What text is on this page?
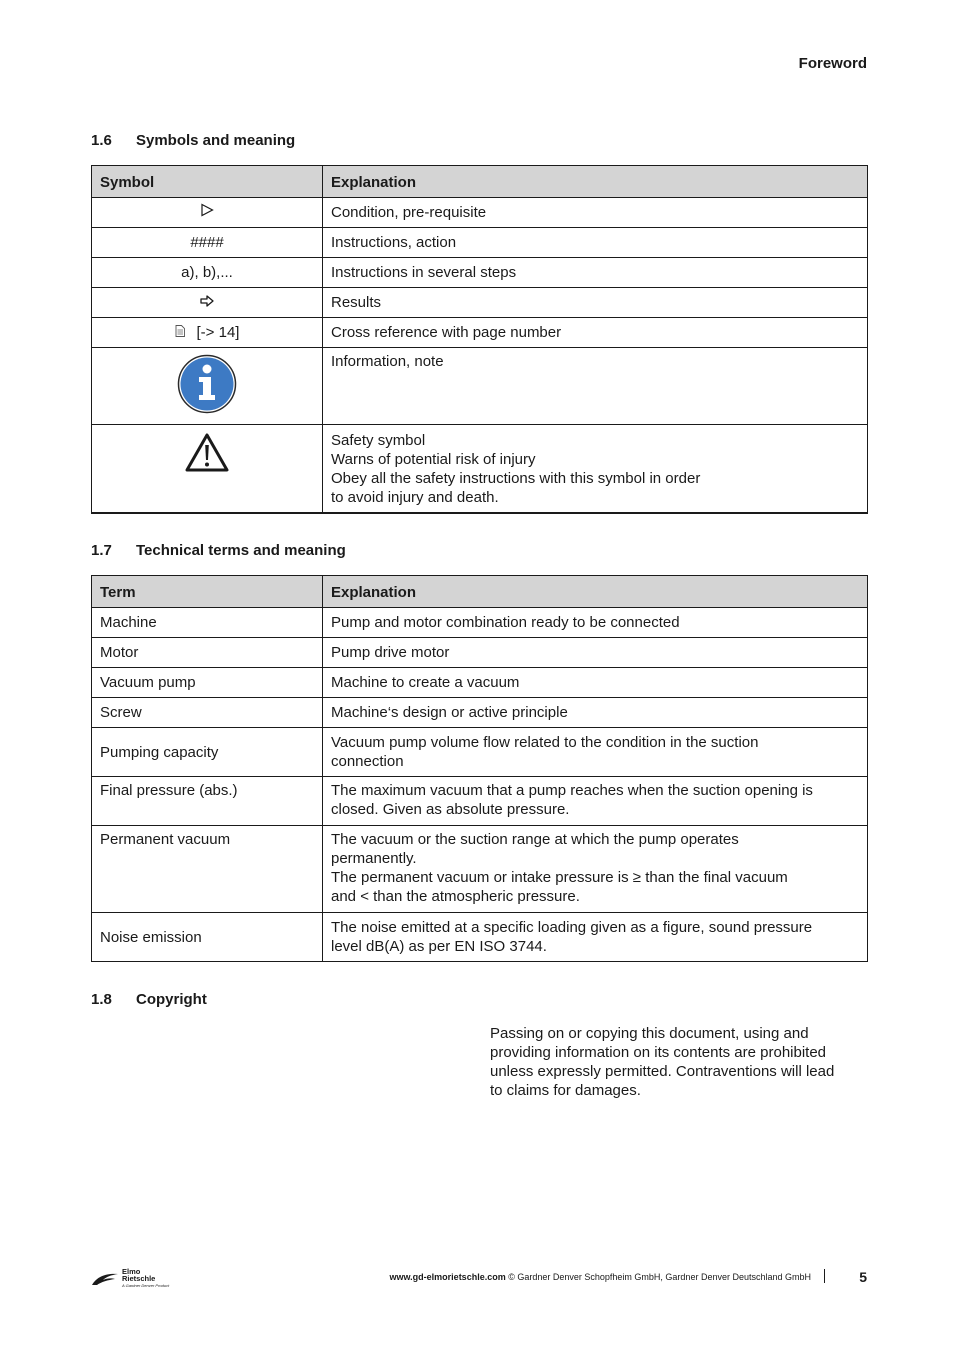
Foreword
1.6 Symbols and meaning
Symbol	Explanation
	Condition, pre-requisite
####	Instructions, action
a), b),...	Instructions in several steps
	Results
[-> 14]	Cross reference with page number
	Information, note

Safety symbol
Warns of potential risk of injury
Obey all the safety instructions with this symbol in order
to avoid injury and death.
1.7 Technical terms and meaning
Term	Explanation
Machine	Pump and motor combination ready to be connected
Motor	Pump drive motor
Vacuum pump	Machine to create a vacuum
Screw	Machine‘s design or active principle
Pumping capacity	Vacuum pump volume flow related to the condition in the suction
connection

Final pressure (abs.)	The maximum vacuum that a pump reaches when the suction opening is
closed. Given as absolute pressure.

Permanent vacuum	The vacuum or the suction range at which the pump operates
permanently.
The permanent vacuum or intake pressure is ≥ than the final vacuum
and < than the atmospheric pressure.

Noise emission	The noise emitted at a specific loading given as a figure, sound pressure
level dB(A) as per EN ISO 3744.
1.8 Copyright
Passing on or copying this document, using and
providing information on its contents are prohibited
unless expressly permitted. Contraventions will lead
to claims for damages.
Elmo
Rietschle
A Gardner Denver Product
www.gd-elmorietschle.com © Gardner Denver Schopfheim GmbH, Gardner Denver Deutschland GmbH	5
